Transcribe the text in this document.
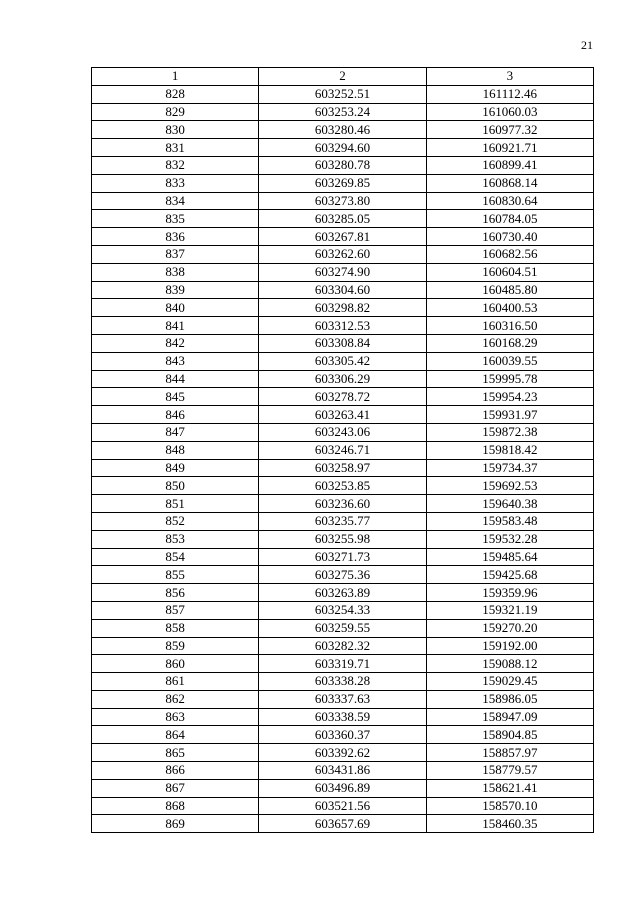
21
1	2	3
828	603252.51	161112.46
829	603253.24	161060.03
830	603280.46	160977.32
831	603294.60	160921.71
832	603280.78	160899.41
833	603269.85	160868.14
834	603273.80	160830.64
835	603285.05	160784.05
836	603267.81	160730.40
837	603262.60	160682.56
838	603274.90	160604.51
839	603304.60	160485.80
840	603298.82	160400.53
841	603312.53	160316.50
842	603308.84	160168.29
843	603305.42	160039.55
844	603306.29	159995.78
845	603278.72	159954.23
846	603263.41	159931.97
847	603243.06	159872.38
848	603246.71	159818.42
849	603258.97	159734.37
850	603253.85	159692.53
851	603236.60	159640.38
852	603235.77	159583.48
853	603255.98	159532.28
854	603271.73	159485.64
855	603275.36	159425.68
856	603263.89	159359.96
857	603254.33	159321.19
858	603259.55	159270.20
859	603282.32	159192.00
860	603319.71	159088.12
861	603338.28	159029.45
862	603337.63	158986.05
863	603338.59	158947.09
864	603360.37	158904.85
865	603392.62	158857.97
866	603431.86	158779.57
867	603496.89	158621.41
868	603521.56	158570.10
869	603657.69	158460.35
